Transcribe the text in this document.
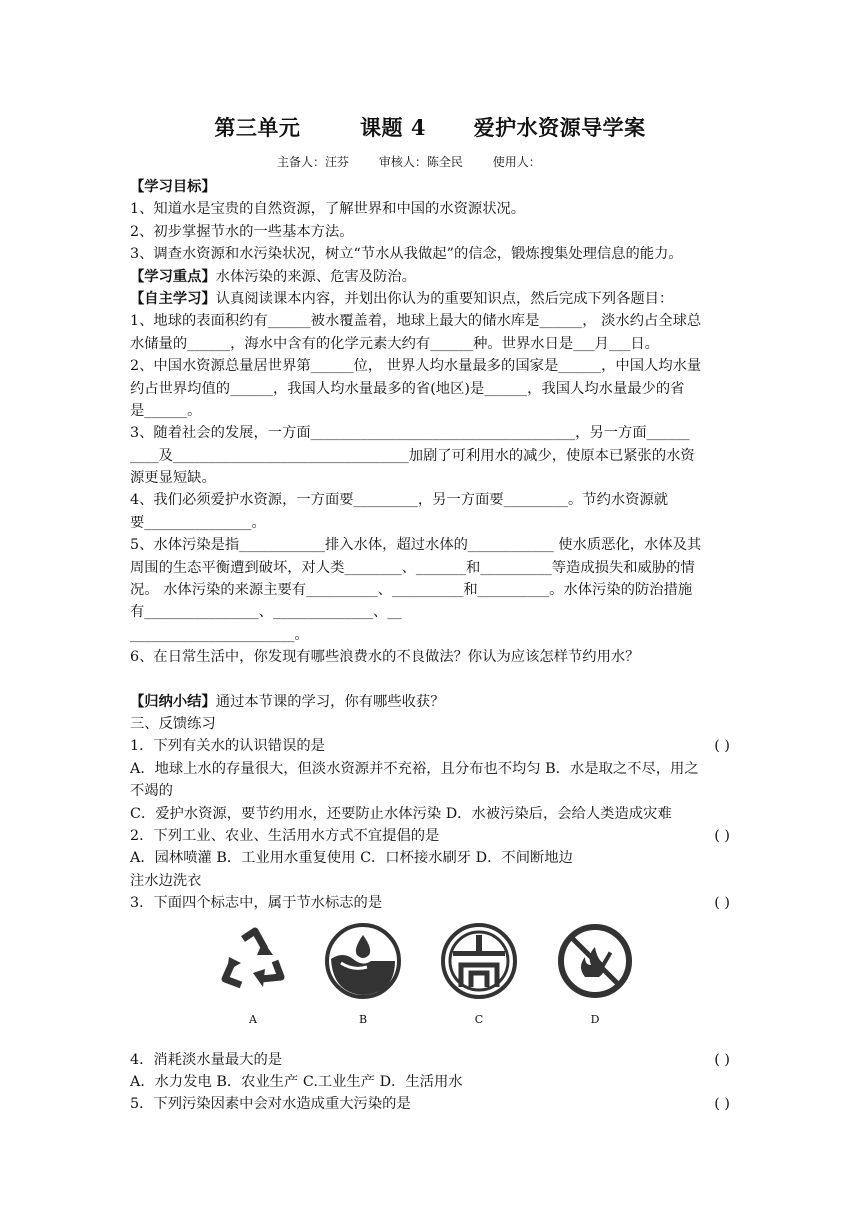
第三单元	课题 4 爱护水资源导学案
主备人：汪芬 审核人：陈全民 使用人：
【学习目标】
1、知道水是宝贵的自然资源，了解世界和中国的水资源状况。
2、初步掌握节水的一些基本方法。
3、调查水资源和水污染状况，树立“节水从我做起”的信念，锻炼搜集处理信息的能力。
【学习重点】水体污染的来源、危害及防治。
【自主学习】认真阅读课本内容，并划出你认为的重要知识点，然后完成下列各题目：
1、地球的表面积约有______被水覆盖着，地球上最大的储水库是______， 淡水约占全球总
水储量的______，海水中含有的化学元素大约有______种。世界水日是___月___日。
2、中国水资源总量居世界第______位， 世界人均水量最多的国家是______，中国人均水量
约占世界均值的______，我国人均水量最多的省(地区)是______，我国人均水量最少的省
是______。
3、随着社会的发展，一方面_____________________________________，另一方面______
____及_________________________________加剧了可利用水的减少，使原本已紧张的水资
源更显短缺。
4、我们必须爱护水资源，一方面要_________，另一方面要_________。节约水资源就
要_______________。
5、水体污染是指____________排入水体，超过水体的____________ 使水质恶化，水体及其
周围的生态平衡遭到破坏，对人类________、_______和__________等造成损失和威胁的情
况。 水体污染的来源主要有__________、__________和__________。水体污染的防治措施
有________________、______________、__
_______________________。
6、在日常生活中，你发现有哪些浪费水的不良做法？你认为应该怎样节约用水？
【归纳小结】通过本节课的学习，你有哪些收获？
三、反馈练习
1．下列有关水的认识错误的是	( )
A．地球上水的存量很大，但淡水资源并不充裕，且分布也不均匀 B．水是取之不尽，用之
不竭的
C．爱护水资源，要节约用水，还要防止水体污染 D．水被污染后，会给人类造成灾难
2．下列工业、农业、生活用水方式不宜提倡的是	( )
A．园林喷灌 B．工业用水重复使用 C．口杯接水刷牙 D．不间断地边
注水边洗衣
3．下面四个标志中，属于节水标志的是	( )
A	B	C	D
4．消耗淡水量最大的是	( )
A．水力发电 B．农业生产 C.工业生产 D．生活用水
5．下列污染因素中会对水造成重大污染的是	( )
